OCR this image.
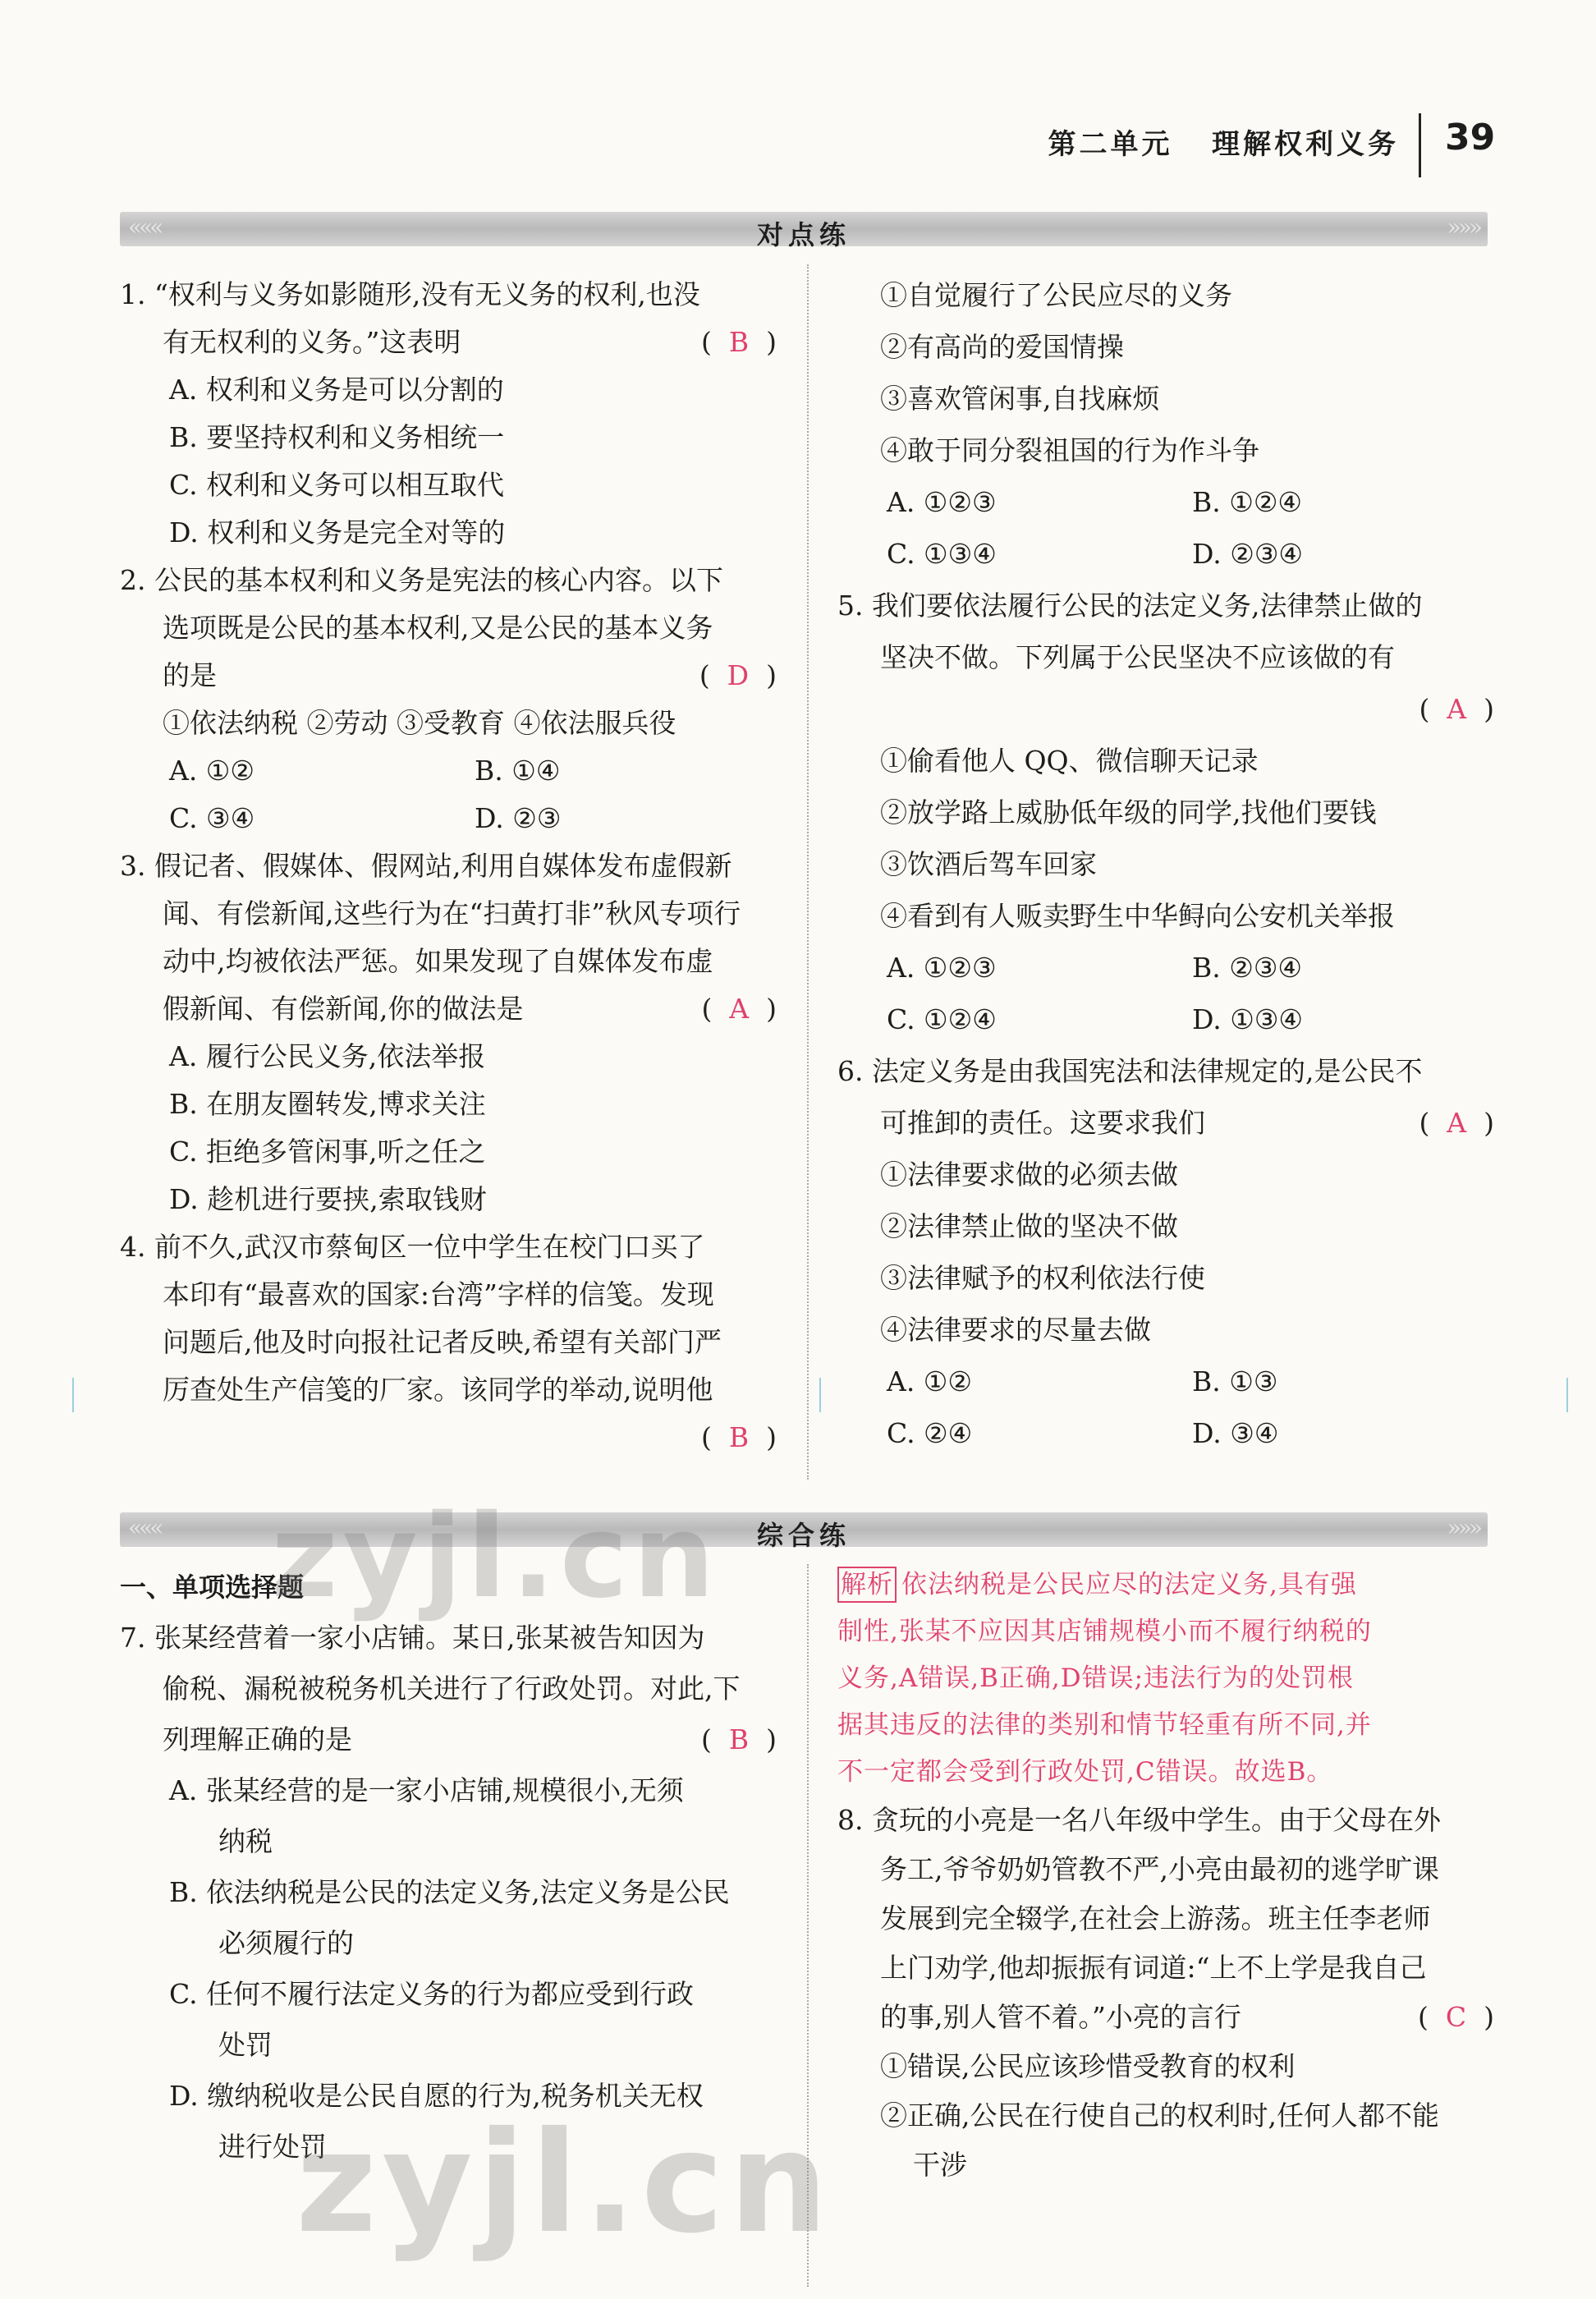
第二单元 理解权利义务 39
««« 对点练
»»»

1. “权利与义务如影随形,没有无义务的权利,也没

有无权利的义务。”这表明	( B )

A. 权利和义务是可以分割的

B. 要坚持权利和义务相统一

C. 权利和义务可以相互取代

D. 权利和义务是完全对等的

2. 公民的基本权利和义务是宪法的核心内容。以下

选项既是公民的基本权利,又是公民的基本义务

的是	( D )

①依法纳税 ②劳动 ③受教育 ④依法服兵役

A. ①②	B. ①④

C. ③④	D. ②③

3. 假记者、假媒体、假网站,利用自媒体发布虚假新

闻、有偿新闻,这些行为在“扫黄打非”秋风专项行

动中,均被依法严惩。如果发现了自媒体发布虚

假新闻、有偿新闻,你的做法是	( A )

A. 履行公民义务,依法举报

B. 在朋友圈转发,博求关注

C. 拒绝多管闲事,听之任之

D. 趁机进行要挟,索取钱财

4. 前不久,武汉市蔡甸区一位中学生在校门口买了

本印有“最喜欢的国家:台湾”字样的信笺。发现

问题后,他及时向报社记者反映,希望有关部门严

厉查处生产信笺的厂家。该同学的举动,说明他

( B )

①自觉履行了公民应尽的义务

②有高尚的爱国情操

③喜欢管闲事,自找麻烦

④敢于同分裂祖国的行为作斗争

A. ①②③	B. ①②④

C. ①③④	D. ②③④

5. 我们要依法履行公民的法定义务,法律禁止做的

坚决不做。下列属于公民坚决不应该做的有

( A )

①偷看他人 QQ、微信聊天记录

②放学路上威胁低年级的同学,找他们要钱

③饮酒后驾车回家

④看到有人贩卖野生中华鲟向公安机关举报

A. ①②③	B. ②③④

C. ①②④	D. ①③④

6. 法定义务是由我国宪法和法律规定的,是公民不

可推卸的责任。这要求我们	( A )

①法律要求做的必须去做

②法律禁止做的坚决不做

③法律赋予的权利依法行使

④法律要求的尽量去做

A. ①②	B. ①③

C. ②④	D. ③④

««« 综合练
»»»

一、单项选择题

7. 张某经营着一家小店铺。某日,张某被告知因为

偷税、漏税被税务机关进行了行政处罚。对此,下

列理解正确的是	( B )

A. 张某经营的是一家小店铺,规模很小,无须

纳税

B. 依法纳税是公民的法定义务,法定义务是公民

必须履行的

C. 任何不履行法定义务的行为都应受到行政

处罚

D. 缴纳税收是公民自愿的行为,税务机关无权

进行处罚

解析 依法纳税是公民应尽的法定义务,具有强

制性,张某不应因其店铺规模小而不履行纳税的

义务,A错误,B正确,D错误;违法行为的处罚根

据其违反的法律的类别和情节轻重有所不同,并

不一定都会受到行政处罚,C错误。故选B。

8. 贪玩的小亮是一名八年级中学生。由于父母在外

务工,爷爷奶奶管教不严,小亮由最初的逃学旷课

发展到完全辍学,在社会上游荡。班主任李老师

上门劝学,他却振振有词道:“上不上学是我自己

的事,别人管不着。”小亮的言行	( C )

①错误,公民应该珍惜受教育的权利

②正确,公民在行使自己的权利时,任何人都不能

干涉

zyjl.cn
zyjl.cn
